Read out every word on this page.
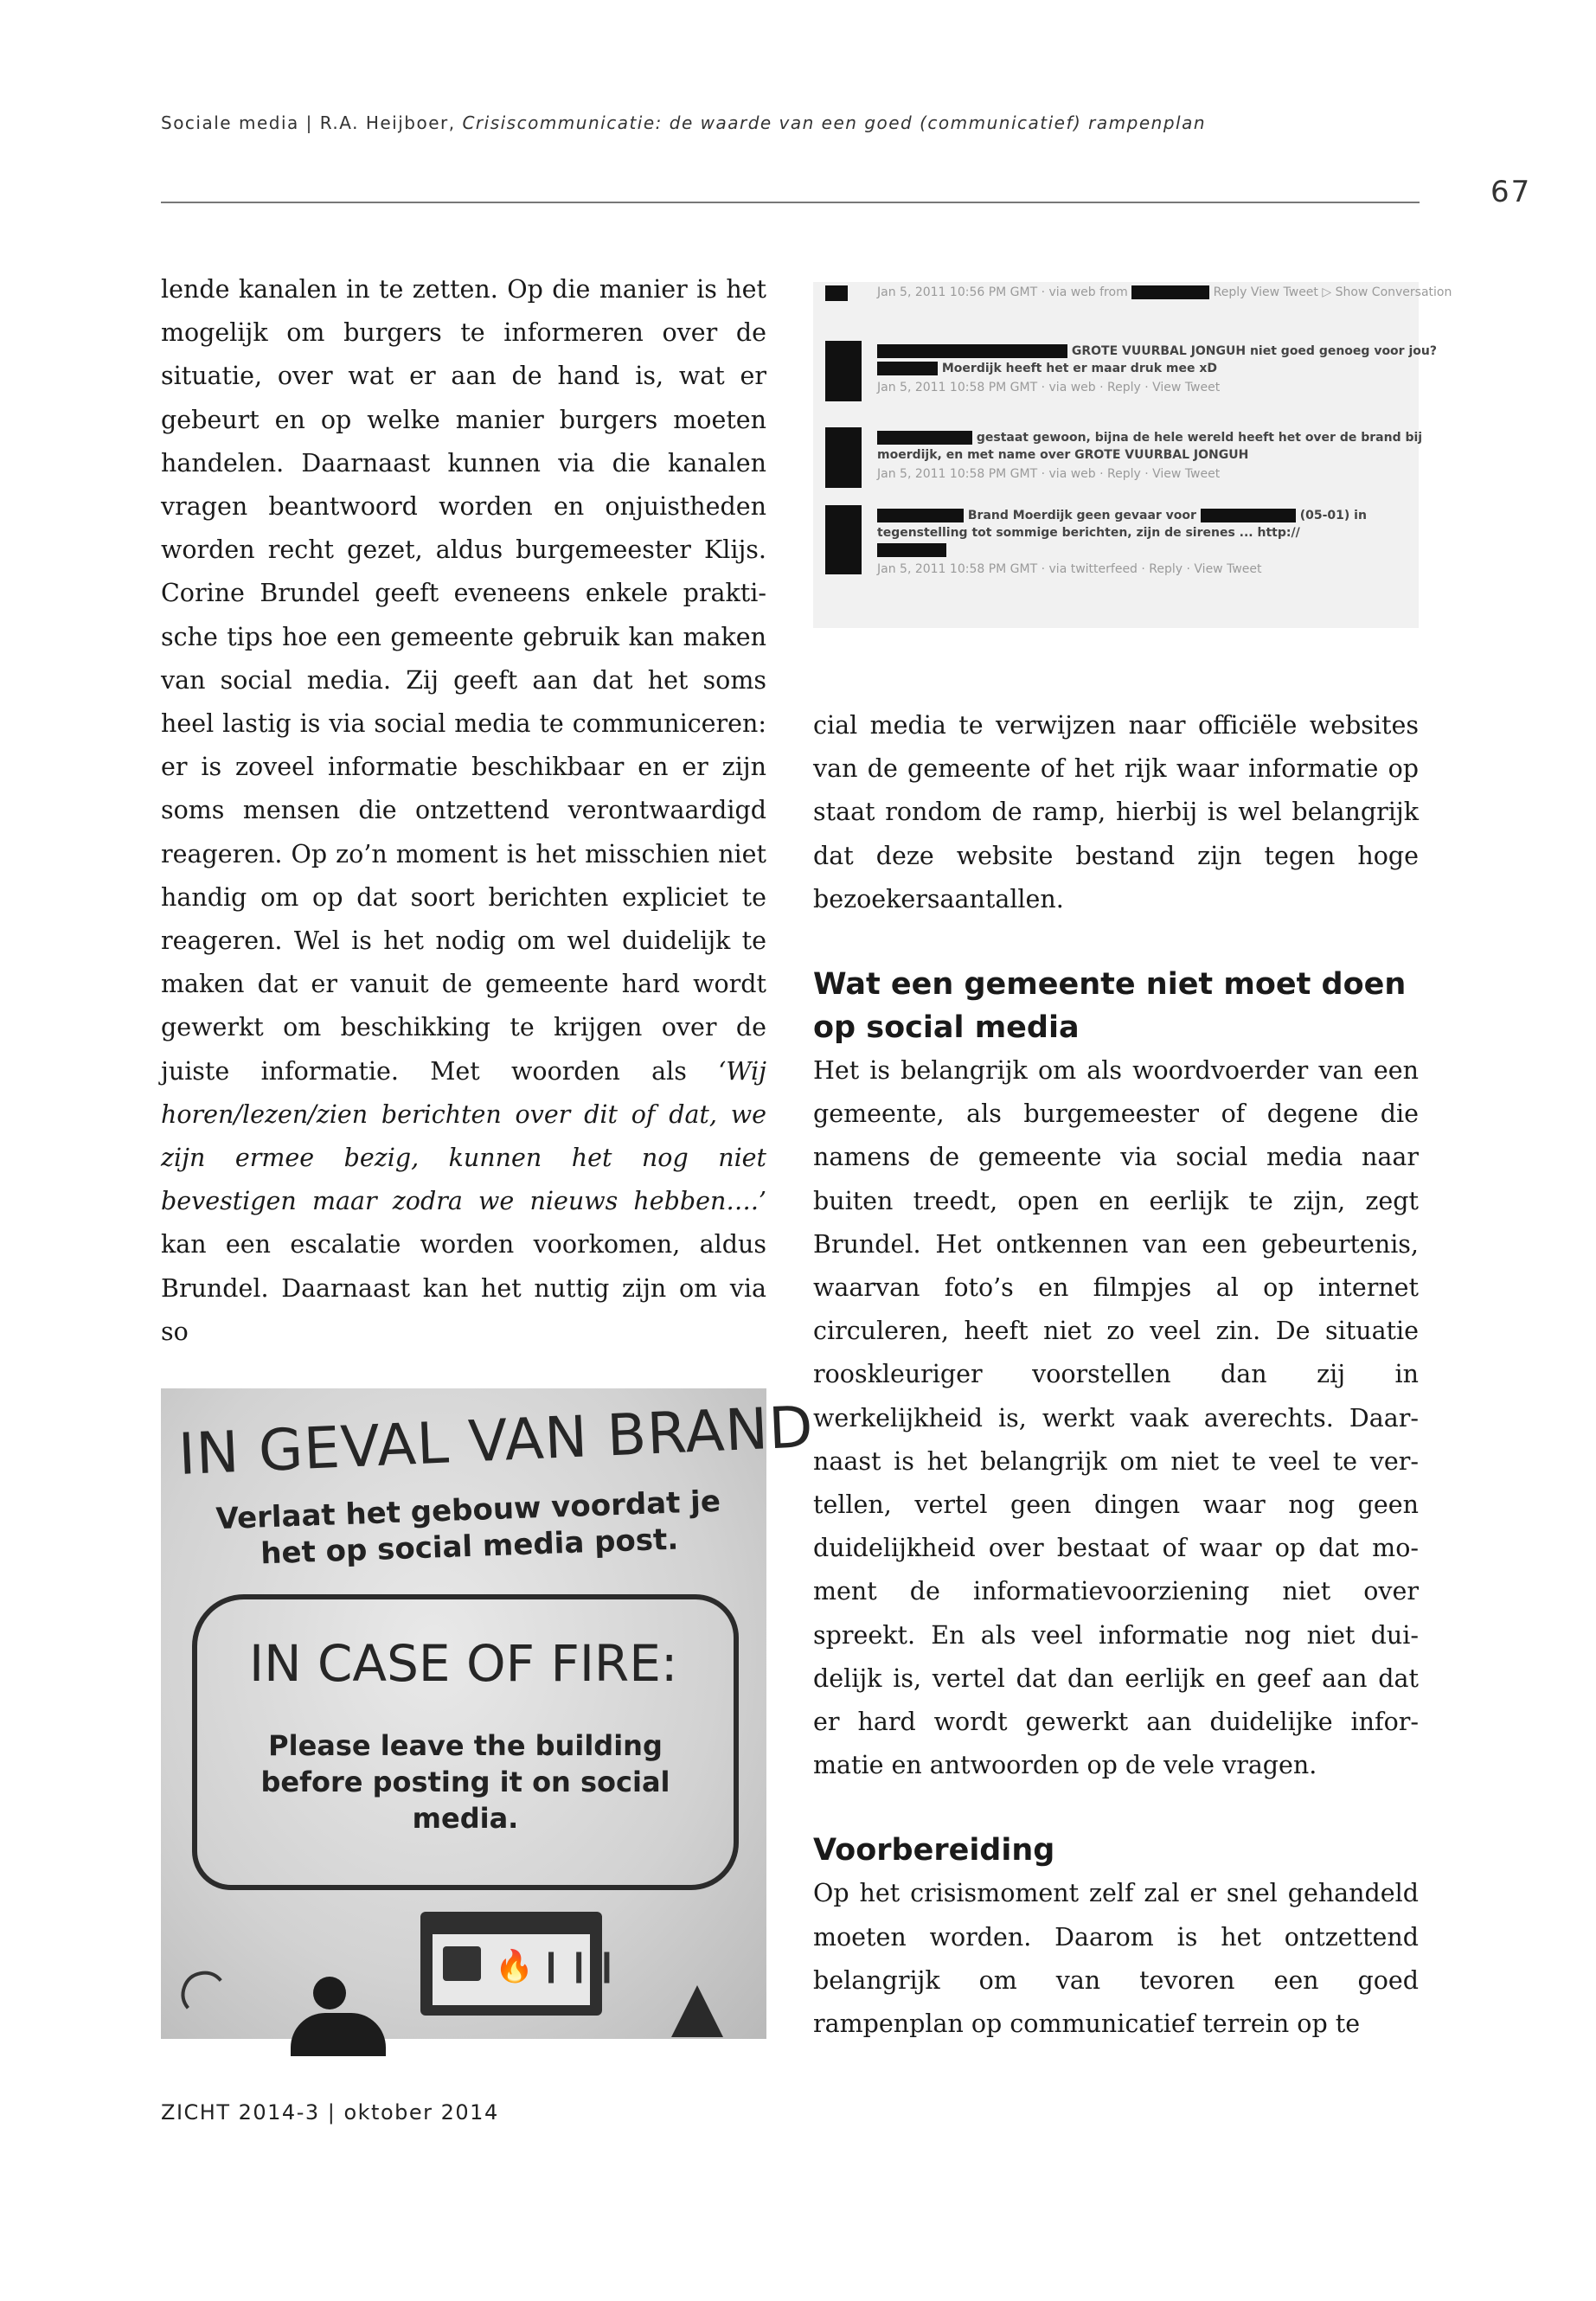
Sociale media | R.A. Heijboer, Crisiscommunicatie: de waarde van een goed (communicatief) rampenplan
67

lende kanalen in te zetten. Op die manier is het mogelijk om burgers te informeren over de situatie, over wat er aan de hand is, wat er gebeurt en op welke manier burgers moeten handelen. Daarnaast kunnen via die kanalen vragen beantwoord worden en onjuistheden worden recht gezet, aldus burgemeester Klijs. Corine Brundel geeft eveneens enkele praktische tips hoe een gemeente gebruik kan maken van social media. Zij geeft aan dat het soms heel lastig is via social media te communiceren: er is zoveel informatie beschikbaar en er zijn soms mensen die ontzettend verontwaardigd reageren. Op zo’n moment is het misschien niet handig om op dat soort berichten expliciet te reageren. Wel is het nodig om wel duidelijk te maken dat er vanuit de gemeente hard wordt gewerkt om beschikking te krijgen over de juiste informatie. Met woorden als ‘Wij horen/lezen/zien berichten over dit of dat, we zijn ermee bezig, kunnen het nog niet bevestigen maar zodra we nieuws hebben….’ kan een escalatie worden voorkomen, aldus Brundel. Daarnaast kan het nuttig zijn om via so

Jan 5, 2011 10:56 PM GMT · via web from	Reply View Tweet ▷ Show Conversation
GROTE VUURBAL JONGUH niet goed genoeg voor jou?
Moerdijk heeft het er maar druk mee xD
Jan 5, 2011 10:58 PM GMT · via web · Reply · View Tweet
gestaat gewoon, bijna de hele wereld heeft het over de brand bij
moerdijk, en met name over GROTE VUURBAL JONGUH
Jan 5, 2011 10:58 PM GMT · via web · Reply · View Tweet
Brand Moerdijk geen gevaar voor	(05-01) in
tegenstelling tot sommige berichten, zijn de sirenes ... http://
Jan 5, 2011 10:58 PM GMT · via twitterfeed · Reply · View Tweet

cial media te verwijzen naar officiële websites van de gemeente of het rijk waar informatie op staat rondom de ramp, hierbij is wel belangrijk dat deze website bestand zijn tegen hoge bezoekersaantallen.

Wat een gemeente niet moet doen op social media

Het is belangrijk om als woordvoerder van een gemeente, als burgemeester of degene die namens de gemeente via social media naar buiten treedt, open en eerlijk te zijn, zegt Brundel. Het ontkennen van een gebeurtenis, waarvan foto’s en filmpjes al op internet circuleren, heeft niet zo veel zin. De situatie rooskleuriger voorstellen dan zij in werkelijkheid is, werkt vaak averechts. Daarnaast is het belangrijk om niet te veel te vertellen, vertel geen dingen waar nog geen duidelijkheid over bestaat of waar op dat moment de informatievoorziening niet over spreekt. En als veel informatie nog niet duidelijk is, vertel dat dan eerlijk en geef aan dat er hard wordt gewerkt aan duidelijke informatie en antwoorden op de vele vragen.

Voorbereiding

Op het crisismoment zelf zal er snel gehandeld moeten worden. Daarom is het ontzettend belangrijk om van tevoren een goed rampenplan op communicatief terrein op te

IN GEVAL VAN BRAND
Verlaat het gebouw voordat je het op social media post.
IN CASE OF FIRE:
Please leave the building before posting it on social media.
🔥 ❙❙❙
◠
ZICHT 2014-3 | oktober 2014
